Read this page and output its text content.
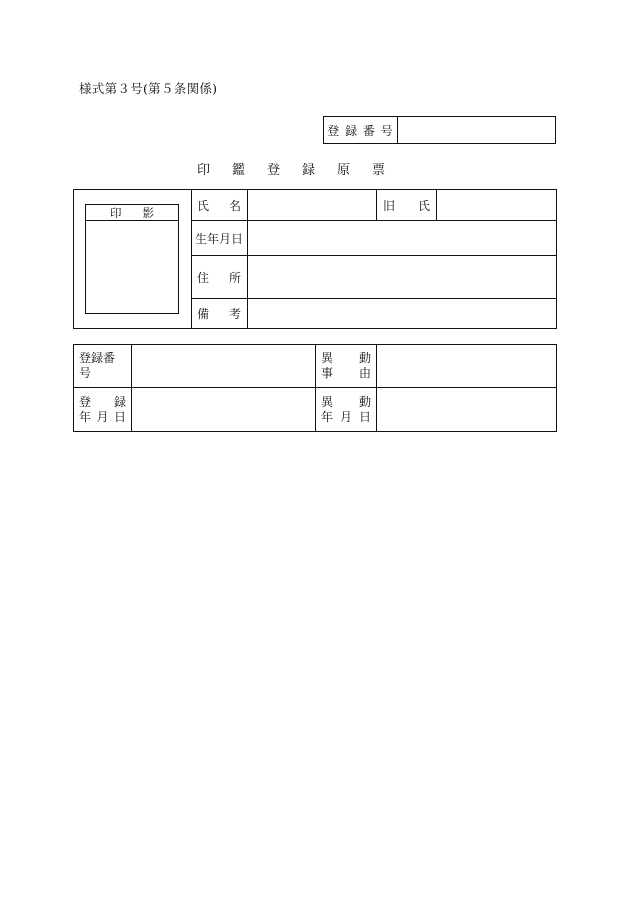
様式第３号(第５条関係)
登 録 番 号
印鑑登録原票
印 影	氏 名	旧 氏
生年月日
住 所
備 考
登録番号
異 動
事 由
登 録
年 月 日
異 動
年 月 日
